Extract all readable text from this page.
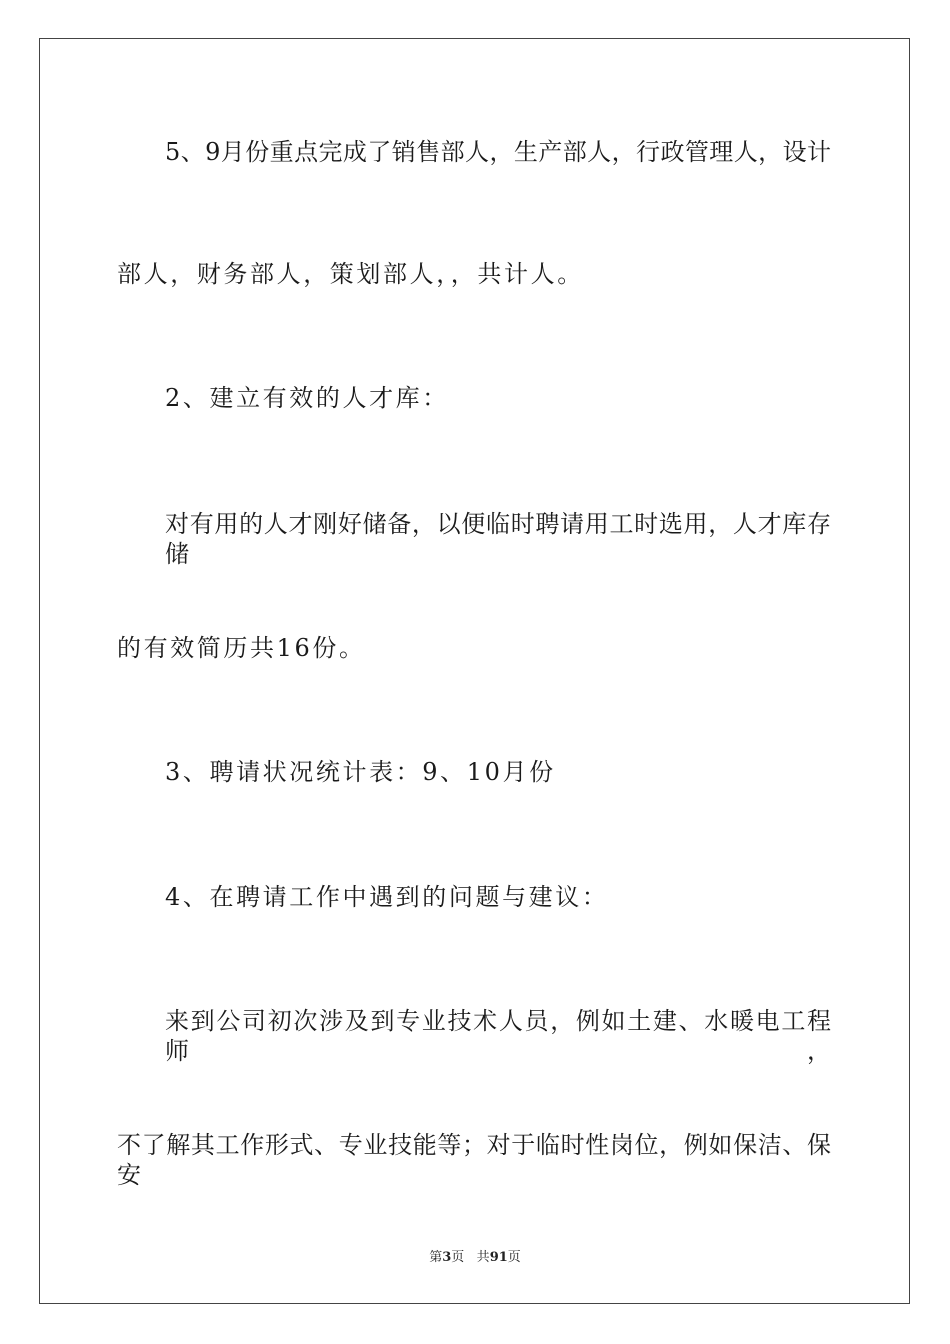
5、9月份重点完成了销售部人，生产部人，行政管理人，设计
部人，财务部人，策划部人，，共计人。
2、建立有效的人才库：
对有用的人才刚好储备，以便临时聘请用工时选用，人才库存储
的有效简历共16份。
3、聘请状况统计表：9、10月份
4、在聘请工作中遇到的问题与建议：
来到公司初次涉及到专业技术人员，例如土建、水暖电工程师，
不了解其工作形式、专业技能等；对于临时性岗位，例如保洁、保安
第3页 共91页
